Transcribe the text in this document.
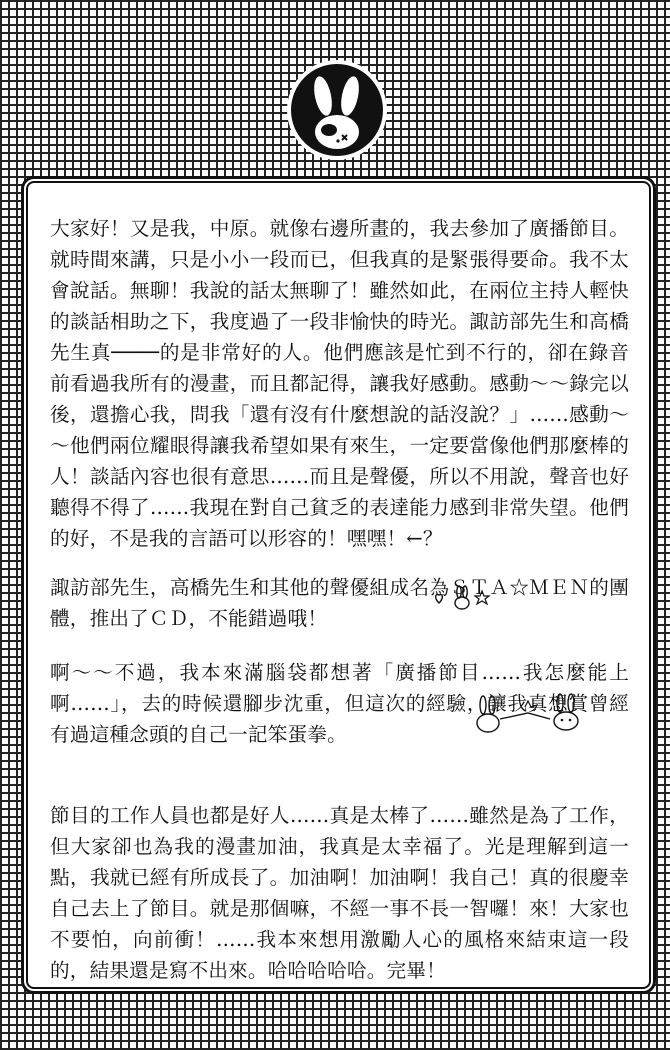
大家好！又是我，中原。就像右邊所畫的，我去參加了廣播節目。就時間來講，只是小小一段而已，但我真的是緊張得要命。我不太會說話。無聊！我說的話太無聊了！雖然如此，在兩位主持人輕快的談話相助之下，我度過了一段非愉快的時光。諏訪部先生和高橋先生真────的是非常好的人。他們應該是忙到不行的，卻在錄音前看過我所有的漫畫，而且都記得，讓我好感動。感動～～錄完以後，還擔心我，問我「還有沒有什麼想說的話沒說？」……感動～～他們兩位耀眼得讓我希望如果有來生，一定要當像他們那麼棒的人！談話內容也很有意思……而且是聲優，所以不用說，聲音也好聽得不得了……我現在對自己貧乏的表達能力感到非常失望。他們的好，不是我的言語可以形容的！嘿嘿！←？

諏訪部先生，高橋先生和其他的聲優組成名為ＳＴＡ☆ＭＥＮ的團體，推出了ＣＤ，不能錯過哦！

啊～～不過，我本來滿腦袋都想著「廣播節目……我怎麼能上啊……」，去的時候還腳步沈重，但這次的經驗，讓我真想賞曾經有過這種念頭的自己一記笨蛋拳。

節目的工作人員也都是好人……真是太棒了……雖然是為了工作，但大家卻也為我的漫畫加油，我真是太幸福了。光是理解到這一點，我就已經有所成長了。加油啊！加油啊！我自己！真的很慶幸自己去上了節目。就是那個嘛，不經一事不長一智囉！來！大家也不要怕，向前衝！……我本來想用激勵人心的風格來結束這一段的，結果還是寫不出來。哈哈哈哈哈。完畢！
